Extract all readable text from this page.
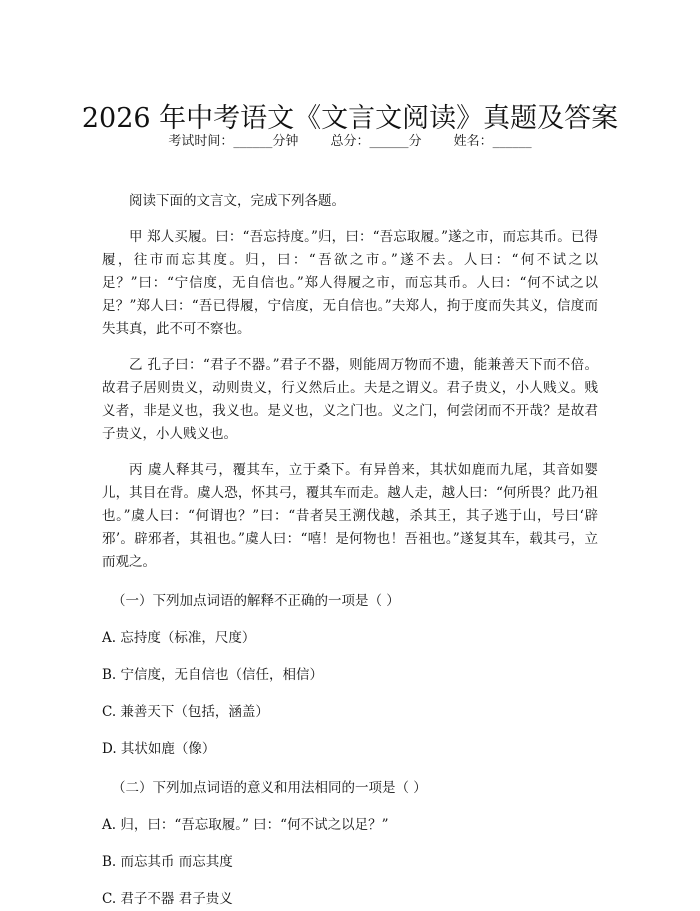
2026 年中考语文《文言文阅读》真题及答案
考试时间：______分钟 总分：______分 姓名：______

阅读下面的文言文，完成下列各题。

甲 郑人买履。曰：“吾忘持度。”归，曰：“吾忘取履。”遂之市，而忘其币。已得履，往市而忘其度。归，曰：“吾欲之市。”遂不去。人曰：“何不试之以足？”曰：“宁信度，无自信也。”郑人得履之市，而忘其币。人曰：“何不试之以足？”郑人曰：“吾已得履，宁信度，无自信也。”夫郑人，拘于度而失其义，信度而失其真，此不可不察也。

乙 孔子曰：“君子不器。”君子不器，则能周万物而不遗，能兼善天下而不倍。故君子居则贵义，动则贵义，行义然后止。夫是之谓义。君子贵义，小人贱义。贱义者，非是义也，我义也。是义也，义之门也。义之门，何尝闭而不开哉？是故君子贵义，小人贱义也。

丙 虞人释其弓，覆其车，立于桑下。有异兽来，其状如鹿而九尾，其音如婴儿，其目在背。虞人恐，怀其弓，覆其车而走。越人走，越人曰：“何所畏？此乃祖也。”虞人曰：“何谓也？”曰：“昔者吴王溯伐越，杀其王，其子逃于山，号曰‘辟邪’。辟邪者，其祖也。”虞人曰：“嘻！是何物也！吾祖也。”遂复其车，载其弓，立而观之。

（一）下列加点词语的解释不正确的一项是（ ）
A. 忘持度（标准，尺度）
B. 宁信度，无自信也（信任，相信）
C. 兼善天下（包括，涵盖）
D. 其状如鹿（像）
（二）下列加点词语的意义和用法相同的一项是（ ）
A. 归，曰：“吾忘取履。” 曰：“何不试之以足？”
B. 而忘其币 而忘其度
C. 君子不器 君子贵义
